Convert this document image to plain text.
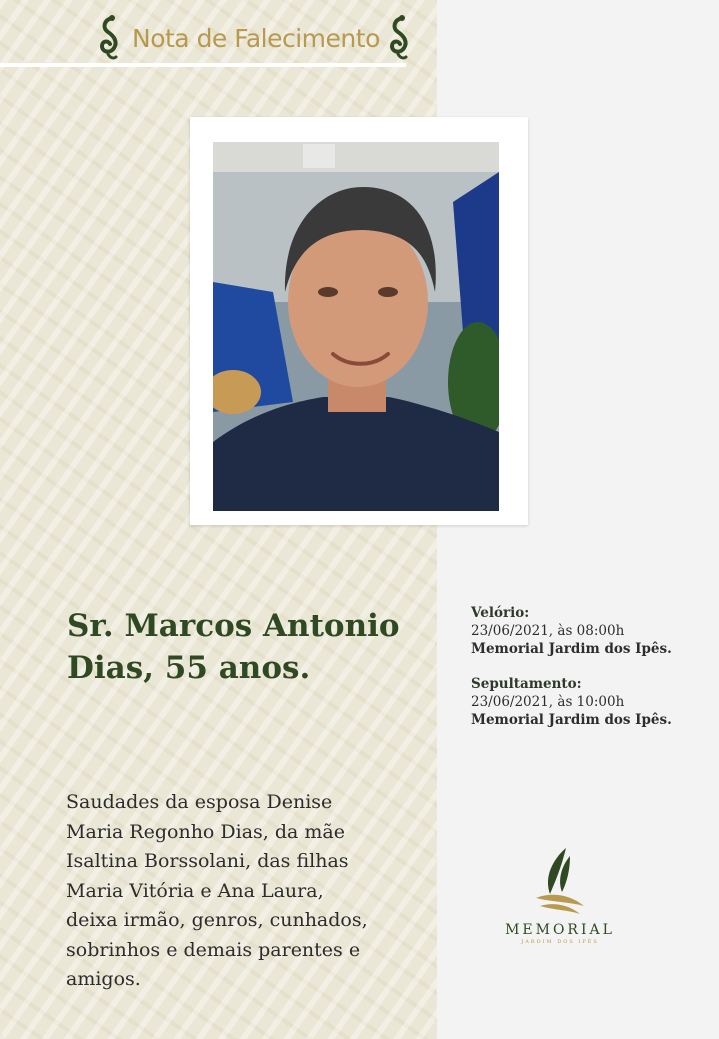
Nota de Falecimento
Sr. Marcos Antonio
Dias, 55 anos.
Saudades da esposa Denise
Maria Regonho Dias, da mãe
Isaltina Borssolani, das filhas
Maria Vitória e Ana Laura,
deixa irmão, genros, cunhados,
sobrinhos e demais parentes e
amigos.
Velório:
23/06/2021, às 08:00h
Memorial Jardim dos Ipês.
Sepultamento:
23/06/2021, às 10:00h
Memorial Jardim dos Ipês.
MEMORIAL
JARDIM DOS IPÊS
